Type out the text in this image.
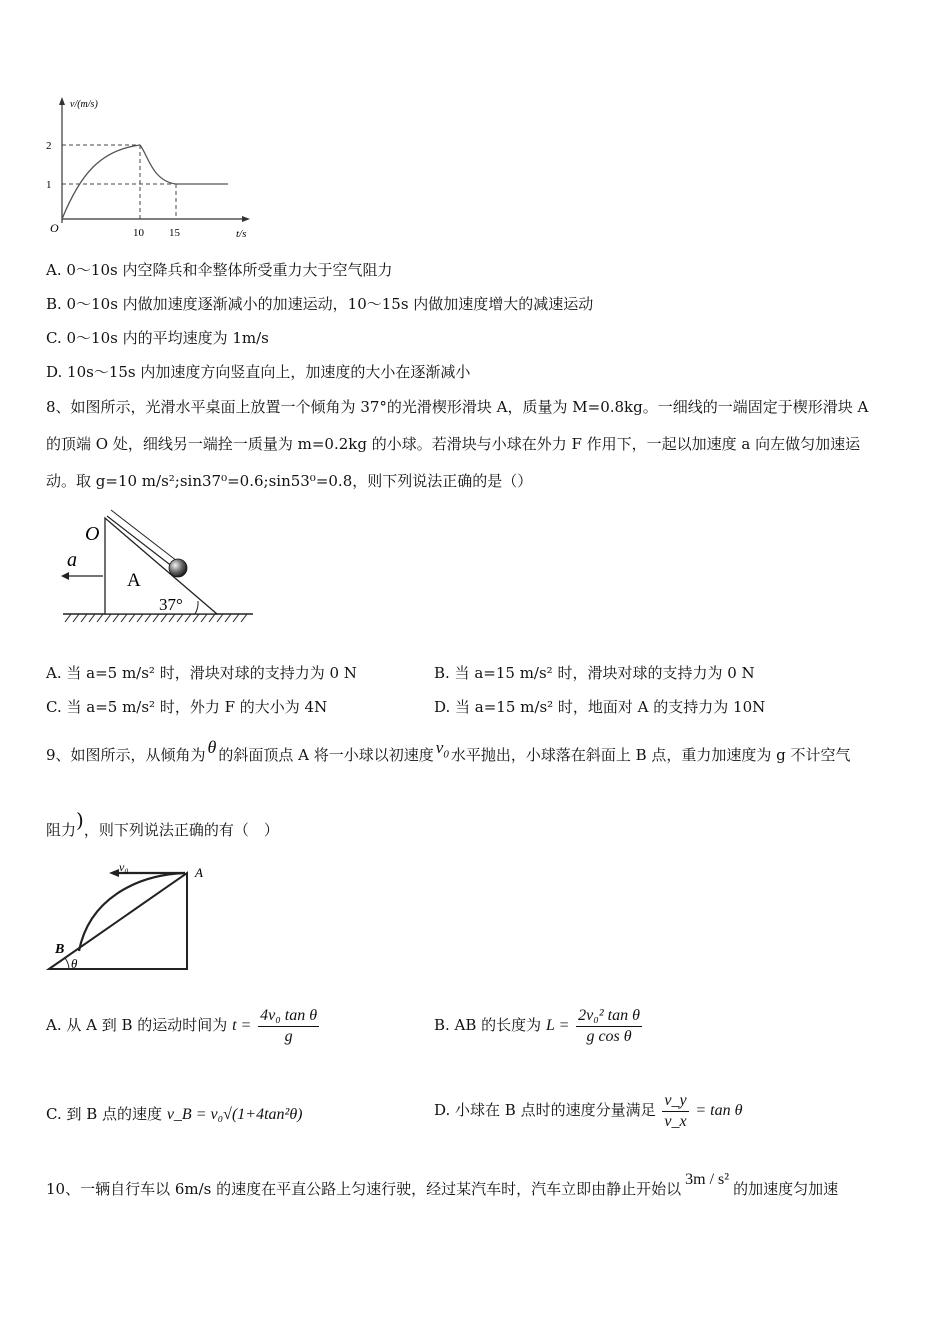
v/(m/s)
2
1
O	10 15	t/s
A. 0～10s 内空降兵和伞整体所受重力大于空气阻力
B. 0～10s 内做加速度逐渐减小的加速运动，10～15s 内做加速度增大的减速运动
C. 0～10s 内的平均速度为 1m/s
D. 10s～15s 内加速度方向竖直向上，加速度的大小在逐渐减小
8、如图所示，光滑水平桌面上放置一个倾角为 37°的光滑楔形滑块 A，质量为 M=0.8kg。一细线的一端固定于楔形滑块 A
的顶端 O 处，细线另一端拴一质量为 m=0.2kg 的小球。若滑块与小球在外力 F 作用下，一起以加速度 a 向左做匀加速运
动。取 g=10 m/s²;sin37⁰=0.6;sin53⁰=0.8，则下列说法正确的是（）
O
a
A
37°
A. 当 a=5 m/s² 时，滑块对球的支持力为 0 N	B. 当 a=15 m/s² 时，滑块对球的支持力为 0 N
C. 当 a=5 m/s² 时，外力 F 的大小为 4N	D. 当 a=15 m/s² 时，地面对 A 的支持力为 10N
9、如图所示，从倾角为 θ 的斜面顶点 A 将一小球以初速度 $v_0$ 水平抛出，小球落在斜面上 B 点，重力加速度为 g 不计空气
阻力)，则下列说法正确的有（　）
v₀	A
B
θ
A. 从 A 到 B 的运动时间为 $t = \frac{\text{4v₀ tan θ}}{g}$	B. AB 的长度为 $L = \frac{\text{2v₀² tan θ}}{\text{g cos θ}}$
C. 到 B 点的速度 v_B = v₀√(1+4tan²θ)	D. 小球在 B 点时的速度分量满足 $\frac{v\_y}{v\_x} = \tan \theta$
10、一辆自行车以 6m/s 的速度在平直公路上匀速行驶，经过某汽车时，汽车立即由静止开始以3m / s²的加速度匀加速
